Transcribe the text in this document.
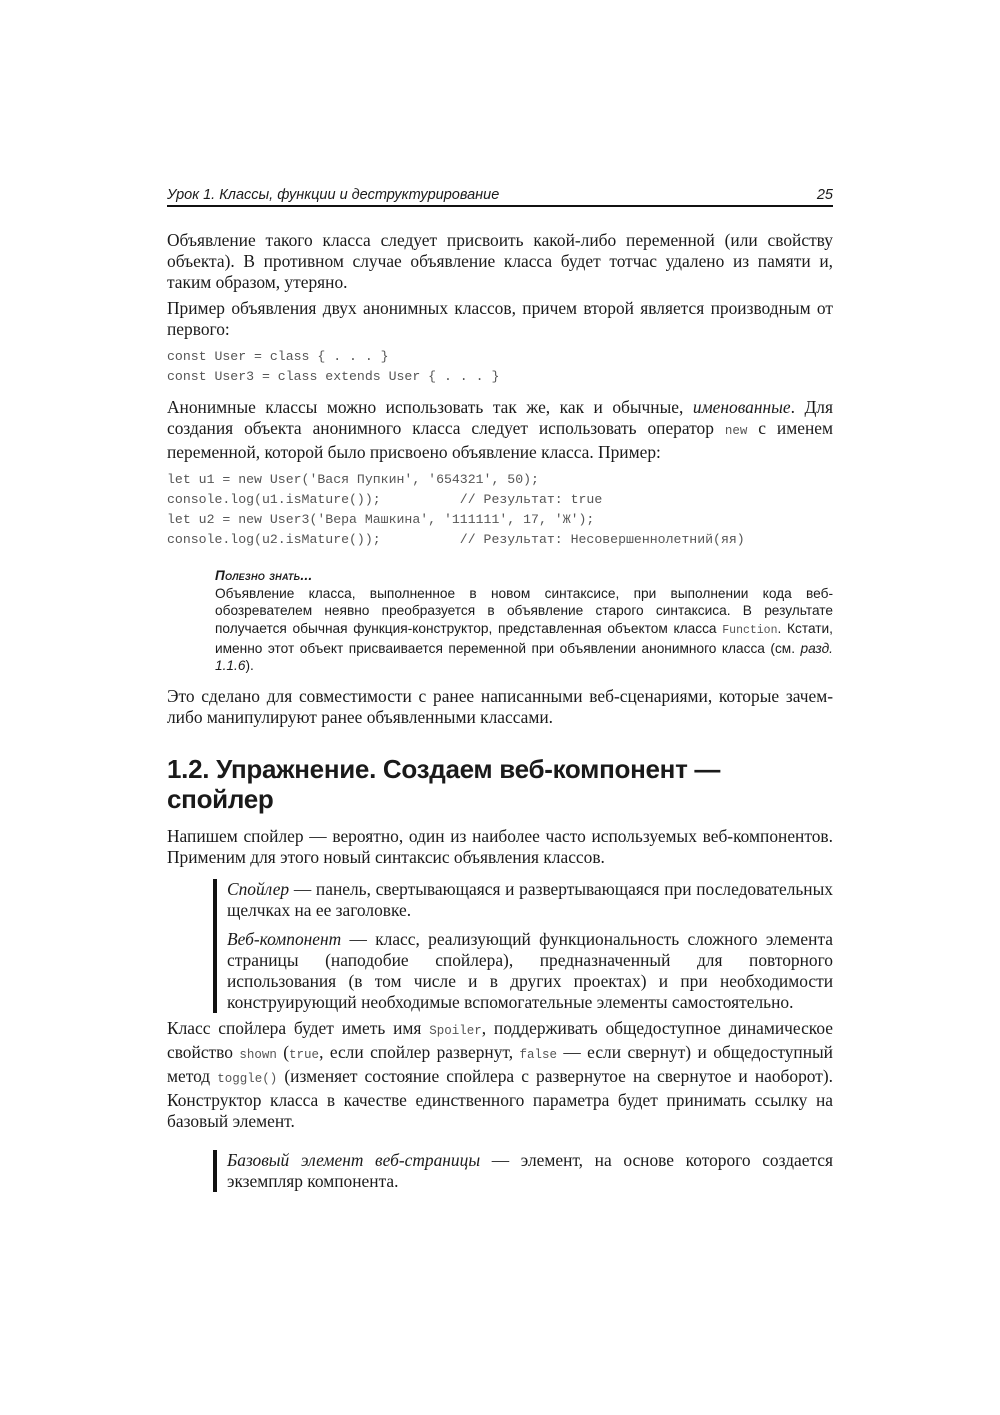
Урок 1. Классы, функции и деструктурирование	25

Объявление такого класса следует присвоить какой-либо переменной (или свойству объекта). В противном случае объявление класса будет тотчас удалено из памяти и, таким образом, утеряно.

Пример объявления двух анонимных классов, причем второй является производным от первого:

const User = class { . . . }
const User3 = class extends User { . . . }

Анонимные классы можно использовать так же, как и обычные, именованные. Для создания объекта анонимного класса следует использовать оператор new с именем переменной, которой было присвоено объявление класса. Пример:

let u1 = new User('Вася Пупкин', '654321', 50);
console.log(u1.isMature());          // Результат: true
let u2 = new User3('Вера Машкина', '111111', 17, 'Ж');
console.log(u2.isMature());          // Результат: Несовершеннолетний(яя)
Полезно знать...

Объявление класса, выполненное в новом синтаксисе, при выполнении кода веб-обозревателем неявно преобразуется в объявление старого синтаксиса. В результате получается обычная функция-конструктор, представленная объектом класса Function. Кстати, именно этот объект присваивается переменной при объявлении анонимного класса (см. разд. 1.1.6).

Это сделано для совместимости с ранее написанными веб-сценариями, которые зачем-либо манипулируют ранее объявленными классами.

1.2. Упражнение. Создаем веб-компонент — спойлер

Напишем спойлер — вероятно, один из наиболее часто используемых веб-компонентов. Применим для этого новый синтаксис объявления классов.

Спойлер — панель, свертывающаяся и развертывающаяся при последовательных щелчках на ее заголовке.

Веб-компонент — класс, реализующий функциональность сложного элемента страницы (наподобие спойлера), предназначенный для повторного использования (в том числе и в других проектах) и при необходимости конструирующий необходимые вспомогательные элементы самостоятельно.

Класс спойлера будет иметь имя Spoiler, поддерживать общедоступное динамическое свойство shown (true, если спойлер развернут, false — если свернут) и общедоступный метод toggle() (изменяет состояние спойлера с развернутое на свернутое и наоборот). Конструктор класса в качестве единственного параметра будет принимать ссылку на базовый элемент.

Базовый элемент веб-страницы — элемент, на основе которого создается экземпляр компонента.
